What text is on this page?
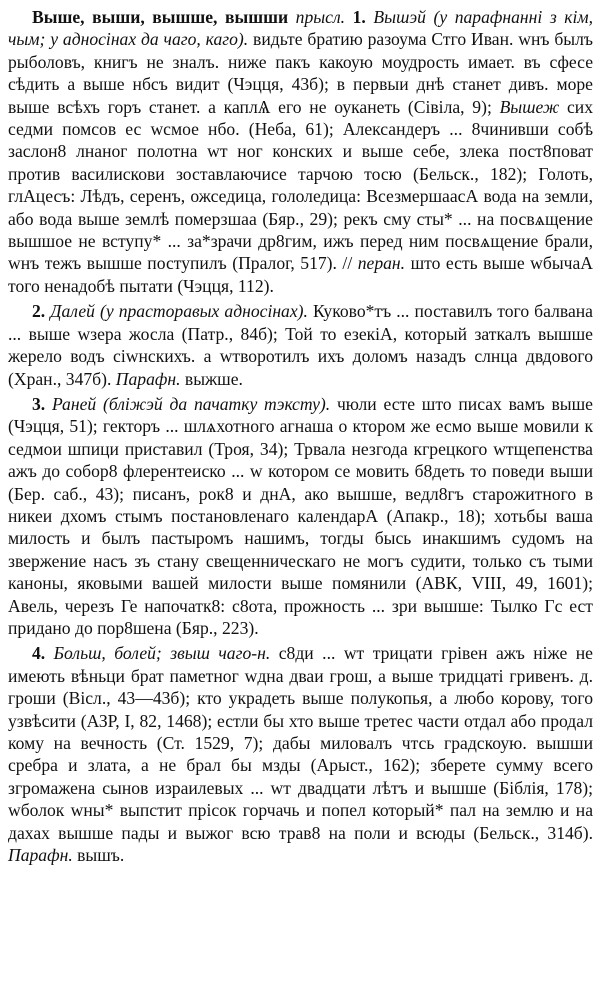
Выше, выши, вышше, вышши прысл. 1. Вышэй (у парафнанні з кім, чым; у адносінах да чаго, каго). видьте братию разоума Стго Иван. wнъ былъ рыболовъ, книгъ не зналъ. ниже пакъ какоую моудрость имает. въ сфесе сѣдить а выше нбсъ видит (Чэцця, 43б); в первыи днѣ станет дивъ. море выше всѣхъ горъ станет. а каплѦ его не оуканеть (Сівіла, 9); Вышеж сих седми помсов ес wсмое нбо. (Неба, 61); Александеръ ... 8чинивши собѣ заслон8 лнаног полотна wт ног конских и выше себе, злека пост8поват против василискови зоставлаючисе тарчою тосю (Бельск., 182); Голоть, глАцесъ: Лѣдъ, серенъ, ожседица, гололедица: ВсезмершаасА вода на земли, або вода выше землѣ померзшаа (Бяр., 29); рекъ сму сты* ... на посвѧщение вышшое не вступу* ... за*зрачи др8гим, ижъ перед ним посвѧщение брали, wнъ тежъ вышше поступилъ (Пралог, 517). // перан. што есть выше wбычаА того ненадобѣ пытати (Чэцця, 112).

2. Далей (у прасторавых адносінах). Куково*тъ ... поставилъ того балвана ... выше wзера жосла (Патр., 84б); Той то езекіА, который заткалъ вышше жерело водъ сіwнскихъ. а wтворотилъ ихъ доломъ назадъ слнца двдового (Хран., 347б). Парафн. выжше.

3. Раней (бліжэй да пачатку тэксту). чюли есте што писах вамъ выше (Чэцця, 51); гекторъ ... шлѧхотного агнаша о ктором же есмо выше мовили к седмои шпици приставил (Троя, 34); Трвала незгода кгрецкого wтщепенства ажъ до собор8 флерентеиско ... w котором се мовить б8деть то поведи выши (Бер. саб., 43); писанъ, рок8 и днА, ако вышше, ведл8гъ старожитного в никеи дхомъ стымъ постановленаго календарА (Апакр., 18); хотьбы ваша милость и былъ пастыромъ нашимъ, тогды бысь инакшимъ судомъ на звержение насъ зъ стану свещенническаго не могъ судити, только съ тыми каноны, яковыми вашей милости выше помянили (АВК, VIII, 49, 1601); Авель, черезъ Ге напочатк8: с8ота, прожность ... зри вышше: Тылко Гс ест придано до пор8шена (Бяр., 223).

4. Больш, болей; звыш чаго-н. с8ди ... wт трицати грівен ажъ ніже не имеють вѣньци брат паметног wдна дваи грош, а выше тридцаті гривенъ. д. гроши (Вісл., 43—43б); кто украдеть выше полукопья, а любо корову, того узвѣсити (АЗР, I, 82, 1468); естли бы хто выше третес части отдал або продал кому на вечность (Ст. 1529, 7); дабы миловалъ чтсь градскоую. вышши сребра и злата, а не брал бы мзды (Арыст., 162); зберете сумму всего згромажена сынов израилевых ... wт двадцати лѣтъ и вышше (Біблія, 178); wболок wны* выпстит прісок горчачь и попел который* пал на землю и на дахах вышше пады и выжог всю трав8 на поли и всюды (Бельск., 314б). Парафн. вышъ.
